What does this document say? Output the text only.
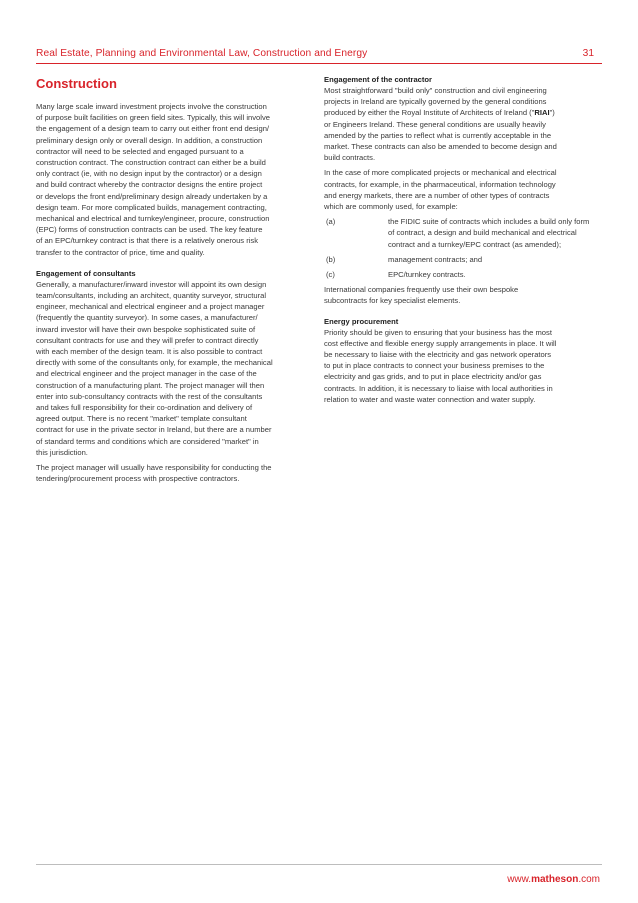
Real Estate, Planning and Environmental Law, Construction and Energy	31
Construction
Many large scale inward investment projects involve the construction
of purpose built facilities on green field sites. Typically, this will involve
the engagement of a design team to carry out either front end design/
preliminary design only or overall design. In addition, a construction
contractor will need to be selected and engaged pursuant to a
construction contract. The construction contract can either be a build
only contract (ie, with no design input by the contractor) or a design
and build contract whereby the contractor designs the entire project
or develops the front end/preliminary design already undertaken by a
design team. For more complicated builds, management contracting,
mechanical and electrical and turnkey/engineer, procure, construction
(EPC) forms of construction contracts can be used. The key feature
of an EPC/turnkey contract is that there is a relatively onerous risk
transfer to the contractor of price, time and quality.
Engagement of consultants
Generally, a manufacturer/inward investor will appoint its own design
team/consultants, including an architect, quantity surveyor, structural
engineer, mechanical and electrical engineer and a project manager
(frequently the quantity surveyor). In some cases, a manufacturer/
inward investor will have their own bespoke sophisticated suite of
consultant contracts for use and they will prefer to contract directly
with each member of the design team. It is also possible to contract
directly with some of the consultants only, for example, the mechanical
and electrical engineer and the project manager in the case of the
construction of a manufacturing plant. The project manager will then
enter into sub-consultancy contracts with the rest of the consultants
and takes full responsibility for their co-ordination and delivery of
agreed output. There is no recent "market" template consultant
contract for use in the private sector in Ireland, but there are a number
of standard terms and conditions which are considered "market" in
this jurisdiction.
The project manager will usually have responsibility for conducting the
tendering/procurement process with prospective contractors.
Engagement of the contractor
Most straightforward "build only" construction and civil engineering
projects in Ireland are typically governed by the general conditions
produced by either the Royal Institute of Architects of Ireland ("RIAI")
or Engineers Ireland. These general conditions are usually heavily
amended by the parties to reflect what is currently acceptable in the
market. These contracts can also be amended to become design and
build contracts.
In the case of more complicated projects or mechanical and electrical
contracts, for example, in the pharmaceutical, information technology
and energy markets, there are a number of other types of contracts
which are commonly used, for example:
(a)	the FIDIC suite of contracts which includes a build only form
of contract, a design and build mechanical and electrical
contract and a turnkey/EPC contract (as amended);
(b)	management contracts; and
(c)	EPC/turnkey contracts.
International companies frequently use their own bespoke
subcontracts for key specialist elements.
Energy procurement
Priority should be given to ensuring that your business has the most
cost effective and flexible energy supply arrangements in place. It will
be necessary to liaise with the electricity and gas network operators
to put in place contracts to connect your business premises to the
electricity and gas grids, and to put in place electricity and/or gas
contracts. In addition, it is necessary to liaise with local authorities in
relation to water and waste water connection and water supply.
www.matheson.com
